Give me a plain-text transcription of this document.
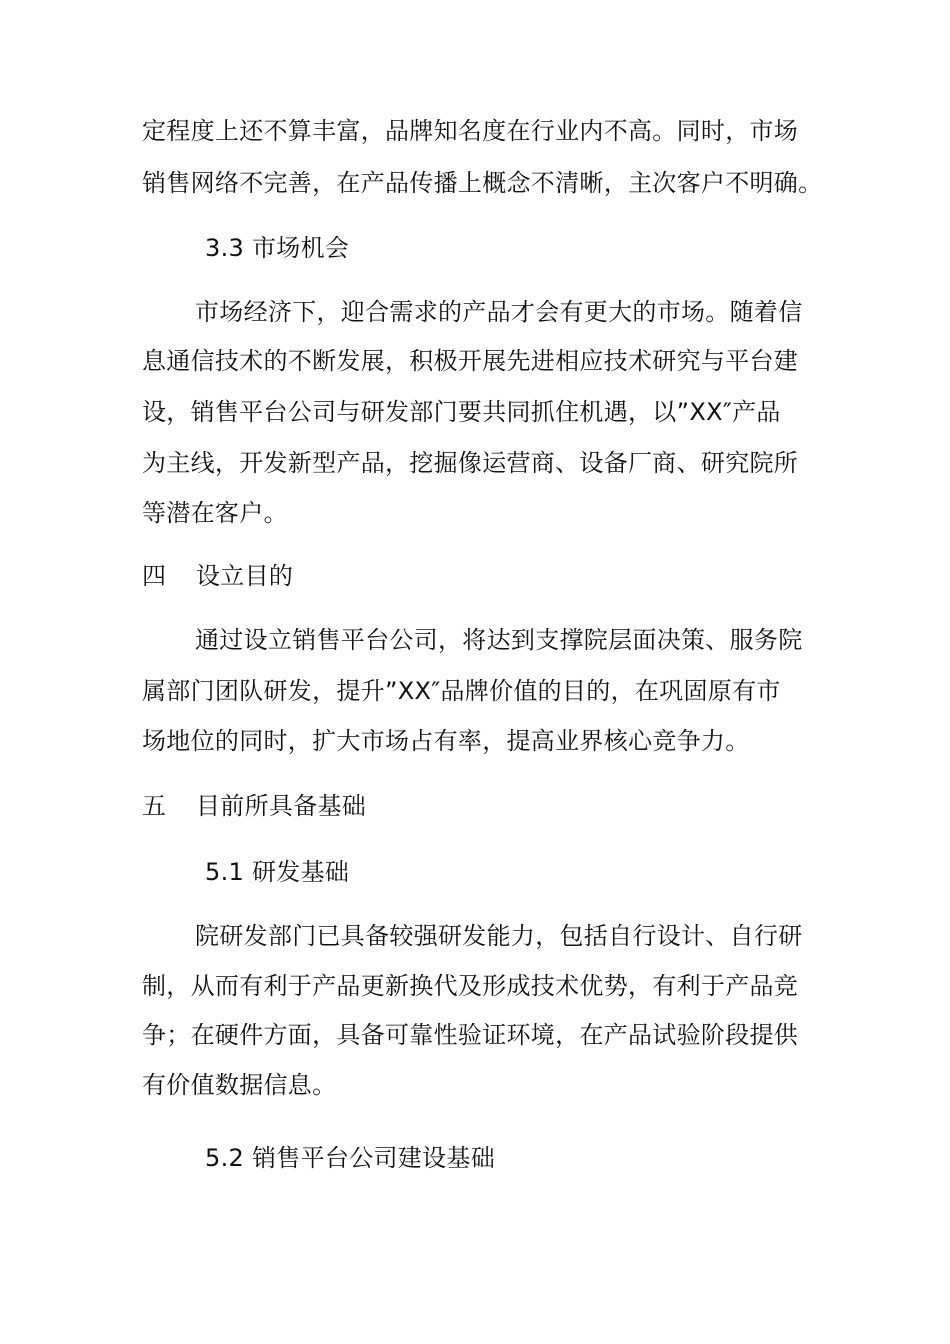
定程度上还不算丰富，品牌知名度在行业内不高。同时，市场
销售网络不完善，在产品传播上概念不清晰，主次客户不明确。
3.3 市场机会
市场经济下，迎合需求的产品才会有更大的市场。随着信
息通信技术的不断发展，积极开展先进相应技术研究与平台建
设，销售平台公司与研发部门要共同抓住机遇，以”XX″产品
为主线，开发新型产品，挖掘像运营商、设备厂商、研究院所
等潜在客户。
四 设立目的
通过设立销售平台公司，将达到支撑院层面决策、服务院
属部门团队研发，提升”XX″品牌价值的目的，在巩固原有市
场地位的同时，扩大市场占有率，提高业界核心竞争力。
五 目前所具备基础
5.1 研发基础
院研发部门已具备较强研发能力，包括自行设计、自行研
制，从而有利于产品更新换代及形成技术优势，有利于产品竞
争；在硬件方面，具备可靠性验证环境，在产品试验阶段提供
有价值数据信息。
5.2 销售平台公司建设基础
